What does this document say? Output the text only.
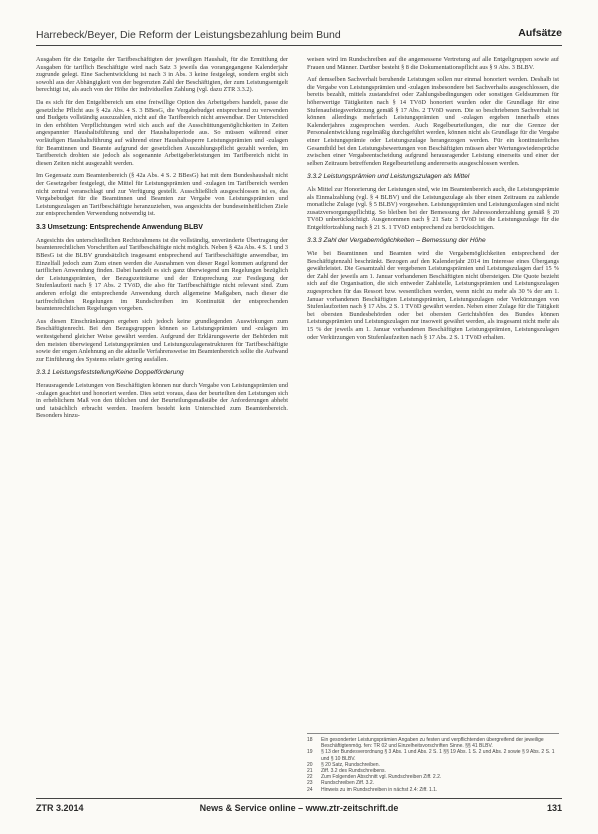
Harrebeck/Beyer, Die Reform der Leistungsbezahlung beim Bund	Aufsätze

Ausgaben für die Entgelte der Tarifbeschäftigten der jeweiligen Haushalt, für die Ermittlung der Ausgaben für tariflich Beschäftigte wird nach Satz 3 jeweils das vorangegangene Kalenderjahr zugrunde gelegt. Eine Sachentwicklung ist nach 3 in Abs. 3 keine festgelegt, sondern ergibt sich sowohl aus der Abhängigkeit von der begrenzten Zahl der Beschäftigten, der zum Leistungsentgelt berechtigt ist, als auch von der Höhe der individuellen Zahlung (vgl. dazu ZTR 3.3.2).

Da es sich für den Entgeltbereich um eine freiwillige Option des Arbeitgebers handelt, passe die gesetzliche Pflicht aus § 42a Abs. 4 S. 3 BBesG, die Vergabebudget entsprechend zu verwenden und Budgets vollständig auszuzahlen, nicht auf die Tarifbereich nicht anwendbar. Der Unterschied in den erhöhten Verpflichtungen wird sich auch auf die Ausschüttungsmöglichkeiten in Zeiten angespannter Haushaltsführung und der Haushaltsperiode aus. So müssen während einer vorläufigen Haushaltsführung auf während einer Haushaltssperre Leistungsprämien und -zulagen für Beamtinnen und Beamte aufgrund der gesetzlichen Auszahlungspflicht gezahlt werden, im Tarifbereich drohten sie jedoch als sogenannte Arbeitgeberleistungen im Tarifbereich nicht in diesen Zeiten nicht ausgezahlt werden.

Im Gegensatz zum Beamtenbereich (§ 42a Abs. 4 S. 2 BBesG) hat mit dem Bundeshaushalt nicht der Gesetzgeber festgelegt, die Mittel für Leistungsprämien und -zulagen im Tarifbereich werden nicht zentral veranschlagt und zur Verfügung gestellt. Ausschließlich ausgeschlossen ist es, das Vergabebudget für die Beamtinnen und Beamten zur Vergabe von Leistungsprämien und Leistungszulagen an Tarifbeschäftigte heranzuziehen, was angesichts der bundeseinheitlichen Ziele zur entsprechenden Verwendung notwendig ist.

3.3 Umsetzung: Entsprechende Anwendung BLBV

Angesichts des unterschiedlichen Rechtsrahmens ist die vollständig, unveränderte Übertragung der beamtenrechtlichen Vorschriften auf Tarifbeschäftigte nicht möglich. Neben § 42a Abs. 4 S. 1 und 3 BBesG ist die BLBV grundsätzlich insgesamt entsprechend auf Tarifbeschäftigte anwendbar, im Einzelfall jedoch zum Zum einen werden die Ausnahmen von dieser Regel kommen aufgrund der tariflichen Anwendung finden. Dabei handelt es sich ganz überwiegend um Regelungen bezüglich der Leistungsprämien, der Bezugszeiträume und der Entsprechung zur Festlegung der Stufenlaufzeit nach § 17 Abs. 2 TVöD, die also für Tarifbeschäftigte nicht relevant sind. Zum anderen erfolgt die entsprechende Anwendung durch allgemeine Maßgaben, nach dieser die tarifrechtlichen Regelungen im Rundschreiben im Kontinuität der entsprechenden beamtenrechtlichen Regelungen vorgeben.

Aus diesen Einschränkungen ergeben sich jedoch keine grundlegenden Auswirkungen zum Beschäftigtenrecht. Bei den Bezugsgruppen können so Leistungsprämien und -zulagen im weitestgehend gleicher Weise gewährt werden. Aufgrund der Erklärungswerte der Behörden mit den meisten überwiegend Leistungsprämien und Leistungszulagenstrukturen für Tarifbeschäftigte sowie der engen Anlehnung an die aktuelle Verfahrensweise im Beamtenbereich sollte die Aufwand zur Einführung des Systems relativ gering ausfallen.

3.3.1 Leistungsfeststellung/Keine Doppelförderung

Herausragende Leistungen von Beschäftigten können nur durch Vergabe von Leistungsprämien und -zulagen geachtet und honoriert werden. Dies setzt voraus, dass der beurteilten den Leistungen sich in erheblichem Maß von den üblichen und der Beurteilungsmaßstäbe der Anforderungen abhebt und tatsächlich erbracht werden. Insofern besteht kein Unterschied zum Beamtenbereich. Besonders hinzu-

weisen wird im Rundschreiben auf die angemessene Vertretung auf alle Entgeltgruppen sowie auf Frauen und Männer. Darüber besteht § 8 die Dokumentationspflicht aus § 9 Abs. 3 BLBV.

Auf demselben Sachverhalt beruhende Leistungen sollen nur einmal honoriert werden. Deshalb ist die Vergabe von Leistungsprämien und -zulagen insbesondere bei Sachverhalts ausgeschlossen, die bereits bezahlt, mittels zustandsfrei oder Zahlungsbedingungen oder sonstigen Geldsummen für höherwertige Tätigkeiten nach § 14 TVöD honoriert wurden oder die Grundlage für eine Stufenaufstiegsverkürzung gemäß § 17 Abs. 2 TVöD waren. Die so beschriebenen Sachverhalt ist können allerdings mehrfach Leistungsprämien und -zulagen ergeben innerhalb eines Kalenderjahres zugesprochen werden. Auch Regelbeurteilungen, die nur die Grenze der Personalentwicklung regelmäßig durchgeführt werden, können nicht als Grundlage für die Vergabe einer Leistungsprämie oder Leistungszulage herangezogen werden. Für ein kontinuierliches Gesamtbild bei den Leistungsbewertungen von Beschäftigten müssen aber Wertungswiedersprüche zwischen einer Vergabeentscheidung aufgrund herausragender Leistung einerseits und einer der selben Zeitraum betreffenden Regelbeurteilung andererseits ausgeschlossen werden.

3.3.2 Leistungsprämien und Leistungszulagen als Mittel

Als Mittel zur Honorierung der Leistungen sind, wie im Beamtenbereich auch, die Leistungsprämie als Einmalzahlung (vgl. § 4 BLBV) und die Leistungszulage als über einen Zeitraum zu zahlende monatliche Zulage (vgl. § 5 BLBV) vorgesehen. Leistungsprämien und Leistungszulagen sind nicht zusatzversorgungspflichtig. So bleiben bei der Bemessung der Jahressonderzahlung gemäß § 20 TVöD unberücksichtigt. Ausgenommen nach § 21 Satz 3 TVöD ist die Leistungszulage für die Entgeltfortzahlung nach § 21 S. 1 TVöD entsprechend zu berücksichtigen.

3.3.3 Zahl der Vergabemöglichkeiten – Bemessung der Höhe

Wie bei Beamtinnen und Beamten wird die Vergabemöglichkeiten entsprechend der Beschäftigtenzahl beschränkt. Bezogen auf den Kalenderjahr 2014 im Interesse eines Übergangs gewährleistet. Die Gesamtzahl der vergebenen Leistungsprämien und Leistungszulagen darf 15 % der Zahl der jeweils am 1. Januar vorhandenen Beschäftigten nicht übersteigen. Die Quote bezieht sich auf die Organisation, die sich entweder Zahlstelle, Leistungsprämien und Leistungszulagen zugesprochen für das Ressort bzw. wesentlichen werden, wenn nicht zu mehr als 30 % der am 1. Januar vorhandenen Beschäftigten Leistungsprämien, Leistungszulagen oder Verkürzungen von Stufenlaufzeiten nach § 17 Abs. 2 S. 1 TVöD gewährt werden. Neben einer Zulage für die Tätigkeit bei obersten Bundesbehörden oder bei obersten Gerichtshöfen des Bundes können Leistungsprämien und Leistungszulagen nur insoweit gewährt werden, als insgesamt nicht mehr als 15 % der jeweils am 1. Januar vorhandenen Beschäftigten Leistungsprämien, Leistungszulagen oder Verkürzungen von Stufenlaufzeiten nach § 17 Abs. 2 S. 1 TVöD erhalten.

18	Ein gesonderter Leistungsprämien Angaben zu festen und verpflichtenden übergreifend der jeweilige Beschäftigtenmög. fen: TR 02 und Einzelheitsvorschriften Sinne. §§ 41 BLBV.
19	§ 13 der Bundesverordnung § 3 Abs. 1 und Abs. 2 S. 1 §§ 19 Abs. 1 S. 2 und Abs. 2 sowie § 9 Abs. 2 S. 1 und § 10 BLBV.
20	§ 20 Satz, Rundschreiben.
21	Ziff. 3.2 des Rundschreibens.
22	Zum Folgenden Abschnitt vgl. Rundschreiben Ziff. 2.2.
23	Rundschreiben Ziff. 3.2.
24	Hinweis zu im Rundschreiben in nächst 2.4: Ziff. 1.1.
ZTR 3.2014	News & Service online – www.ztr-zeitschrift.de	131
